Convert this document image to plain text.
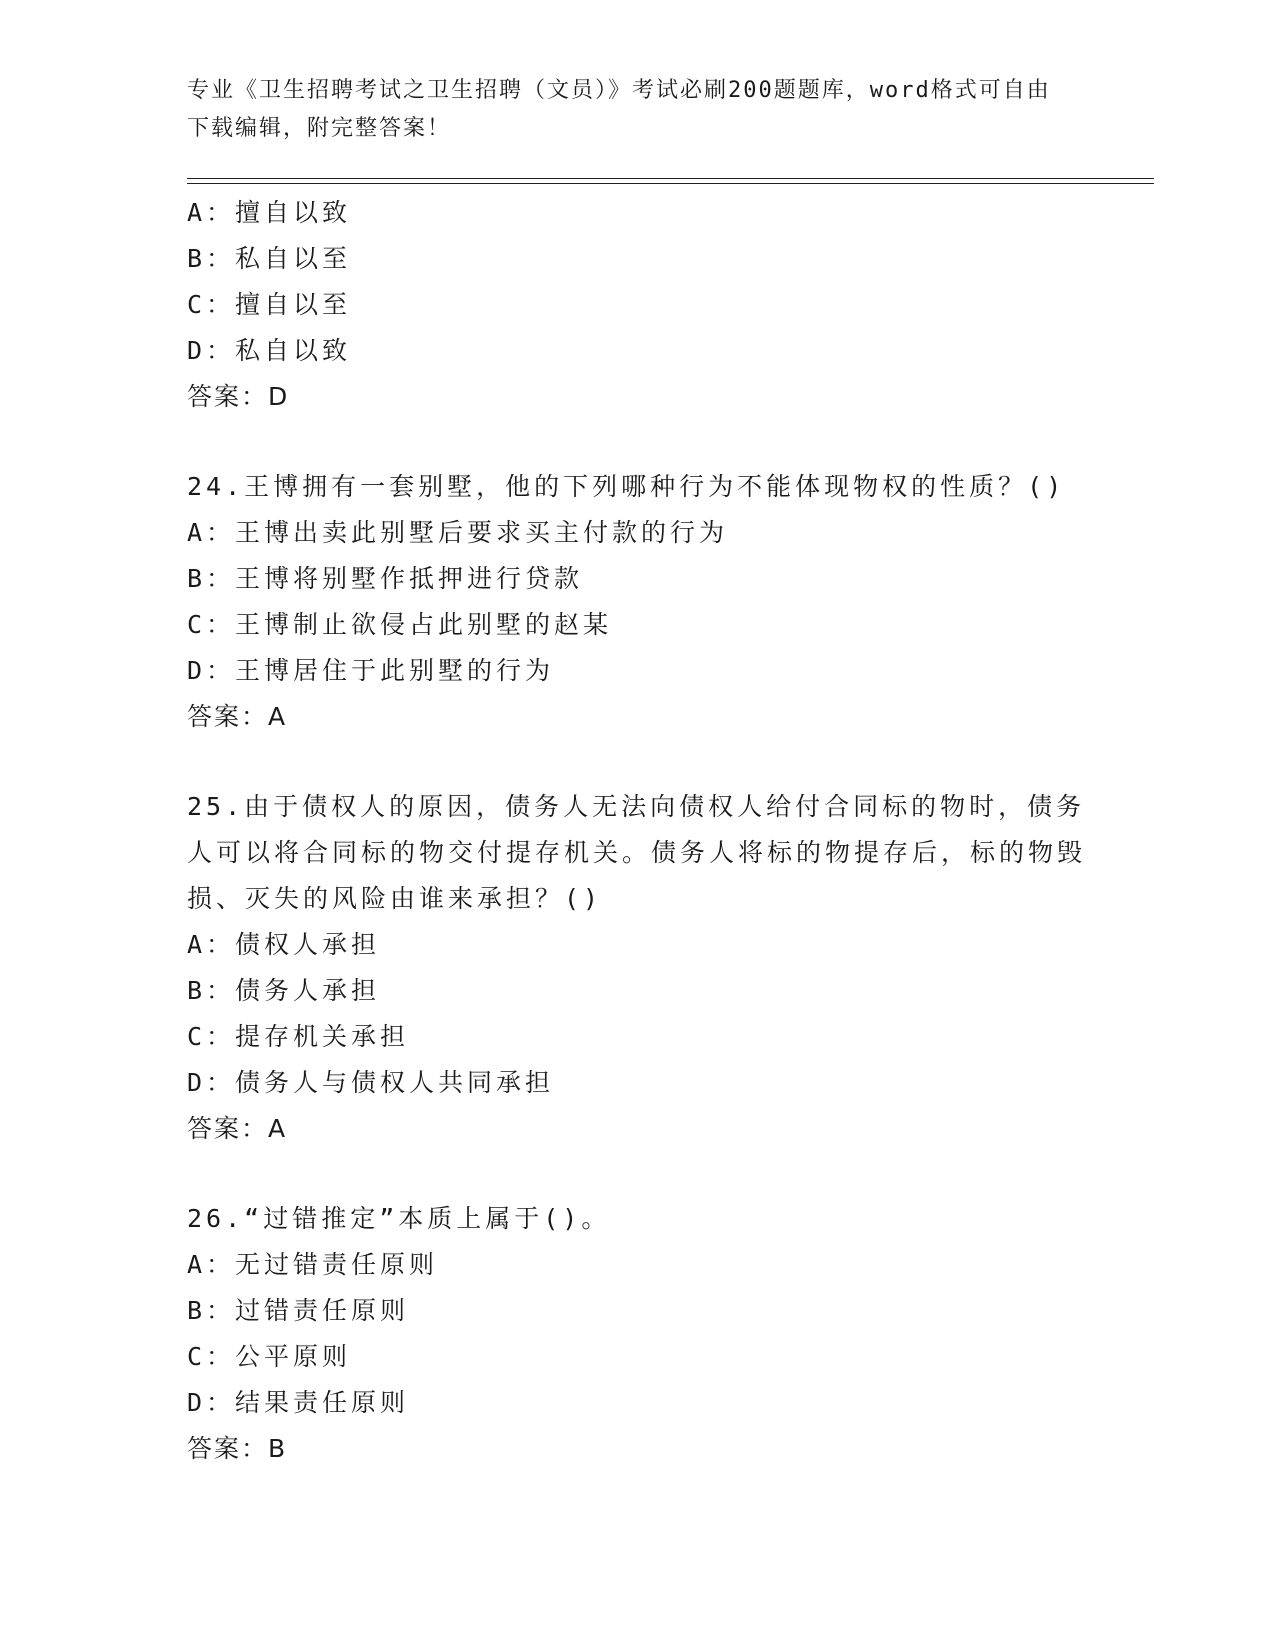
专业《卫生招聘考试之卫生招聘（文员）》考试必刷200题题库，word格式可自由下载编辑，附完整答案！
A：擅自以致
B：私自以至
C：擅自以至
D：私自以致
答案：D
24.王博拥有一套别墅，他的下列哪种行为不能体现物权的性质？()
A：王博出卖此别墅后要求买主付款的行为
B：王博将别墅作抵押进行贷款
C：王博制止欲侵占此别墅的赵某
D：王博居住于此别墅的行为
答案：A
25.由于债权人的原因，债务人无法向债权人给付合同标的物时，债务人可以将合同标的物交付提存机关。债务人将标的物提存后，标的物毁损、灭失的风险由谁来承担？()
A：债权人承担
B：债务人承担
C：提存机关承担
D：债务人与债权人共同承担
答案：A
26.“过错推定”本质上属于()。
A：无过错责任原则
B：过错责任原则
C：公平原则
D：结果责任原则
答案：B
